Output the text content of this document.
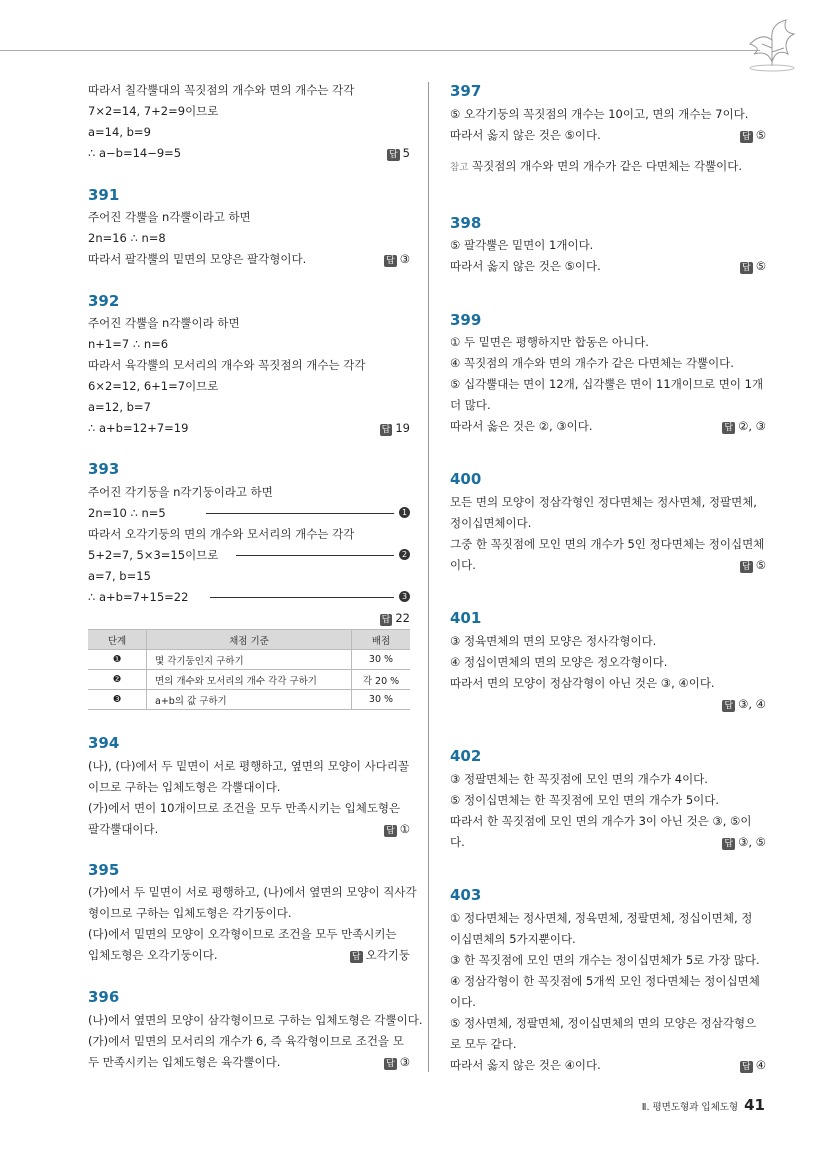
따라서 칠각뿔대의 꼭짓점의 개수와 면의 개수는 각각
7×2=14, 7+2=9이므로
a=14, b=9
∴ a−b=14−9=5	답 5
391
주어진 각뿔을 n각뿔이라고 하면
2n=16 ∴ n=8
따라서 팔각뿔의 밑면의 모양은 팔각형이다.	답 ③
392
주어진 각뿔을 n각뿔이라 하면
n+1=7 ∴ n=6
따라서 육각뿔의 모서리의 개수와 꼭짓점의 개수는 각각
6×2=12, 6+1=7이므로
a=12, b=7
∴ a+b=12+7=19	답 19
393
주어진 각기둥을 n각기둥이라고 하면
2n=10 ∴ n=5	1
따라서 오각기둥의 면의 개수와 모서리의 개수는 각각
5+2=7, 5×3=15이므로	2
a=7, b=15
∴ a+b=7+15=22	3
답 22
단계	채점 기준	배점
❶	몇 각기둥인지 구하기	30 %
❷	면의 개수와 모서리의 개수 각각 구하기	각 20 %
❸	a+b의 값 구하기	30 %
394
(나), (다)에서 두 밑면이 서로 평행하고, 옆면의 모양이 사다리꼴
이므로 구하는 입체도형은 각뿔대이다.
(가)에서 면이 10개이므로 조건을 모두 만족시키는 입체도형은
팔각뿔대이다.	답 ①
395
(가)에서 두 밑면이 서로 평행하고, (나)에서 옆면의 모양이 직사각
형이므로 구하는 입체도형은 각기둥이다.
(다)에서 밑면의 모양이 오각형이므로 조건을 모두 만족시키는
입체도형은 오각기둥이다.	답 오각기둥
396
(나)에서 옆면의 모양이 삼각형이므로 구하는 입체도형은 각뿔이다.
(가)에서 밑면의 모서리의 개수가 6, 즉 육각형이므로 조건을 모
두 만족시키는 입체도형은 육각뿔이다.	답 ③
397
⑤ 오각기둥의 꼭짓점의 개수는 10이고, 면의 개수는 7이다.
따라서 옳지 않은 것은 ⑤이다.	답 ⑤
참고 꼭짓점의 개수와 면의 개수가 같은 다면체는 각뿔이다.
398
⑤ 팔각뿔은 밑면이 1개이다.
따라서 옳지 않은 것은 ⑤이다.	답 ⑤
399
① 두 밑면은 평행하지만 합동은 아니다.
④ 꼭짓점의 개수와 면의 개수가 같은 다면체는 각뿔이다.
⑤ 십각뿔대는 면이 12개, 십각뿔은 면이 11개이므로 면이 1개
더 많다.
따라서 옳은 것은 ②, ③이다.	답 ②, ③
400
모든 면의 모양이 정삼각형인 정다면체는 정사면체, 정팔면체,
정이십면체이다.
그중 한 꼭짓점에 모인 면의 개수가 5인 정다면체는 정이십면체
이다.	답 ⑤
401
③ 정육면체의 면의 모양은 정사각형이다.
④ 정십이면체의 면의 모양은 정오각형이다.
따라서 면의 모양이 정삼각형이 아닌 것은 ③, ④이다.
답 ③, ④
402
③ 정팔면체는 한 꼭짓점에 모인 면의 개수가 4이다.
⑤ 정이십면체는 한 꼭짓점에 모인 면의 개수가 5이다.
따라서 한 꼭짓점에 모인 면의 개수가 3이 아닌 것은 ③, ⑤이
다.	답 ③, ⑤
403
① 정다면체는 정사면체, 정육면체, 정팔면체, 정십이면체, 정
이십면체의 5가지뿐이다.
③ 한 꼭짓점에 모인 면의 개수는 정이십면체가 5로 가장 많다.
④ 정삼각형이 한 꼭짓점에 5개씩 모인 정다면체는 정이십면체
이다.
⑤ 정사면체, 정팔면체, 정이십면체의 면의 모양은 정삼각형으
로 모두 같다.
따라서 옳지 않은 것은 ④이다.	답 ④
Ⅱ. 평면도형과 입체도형 41
